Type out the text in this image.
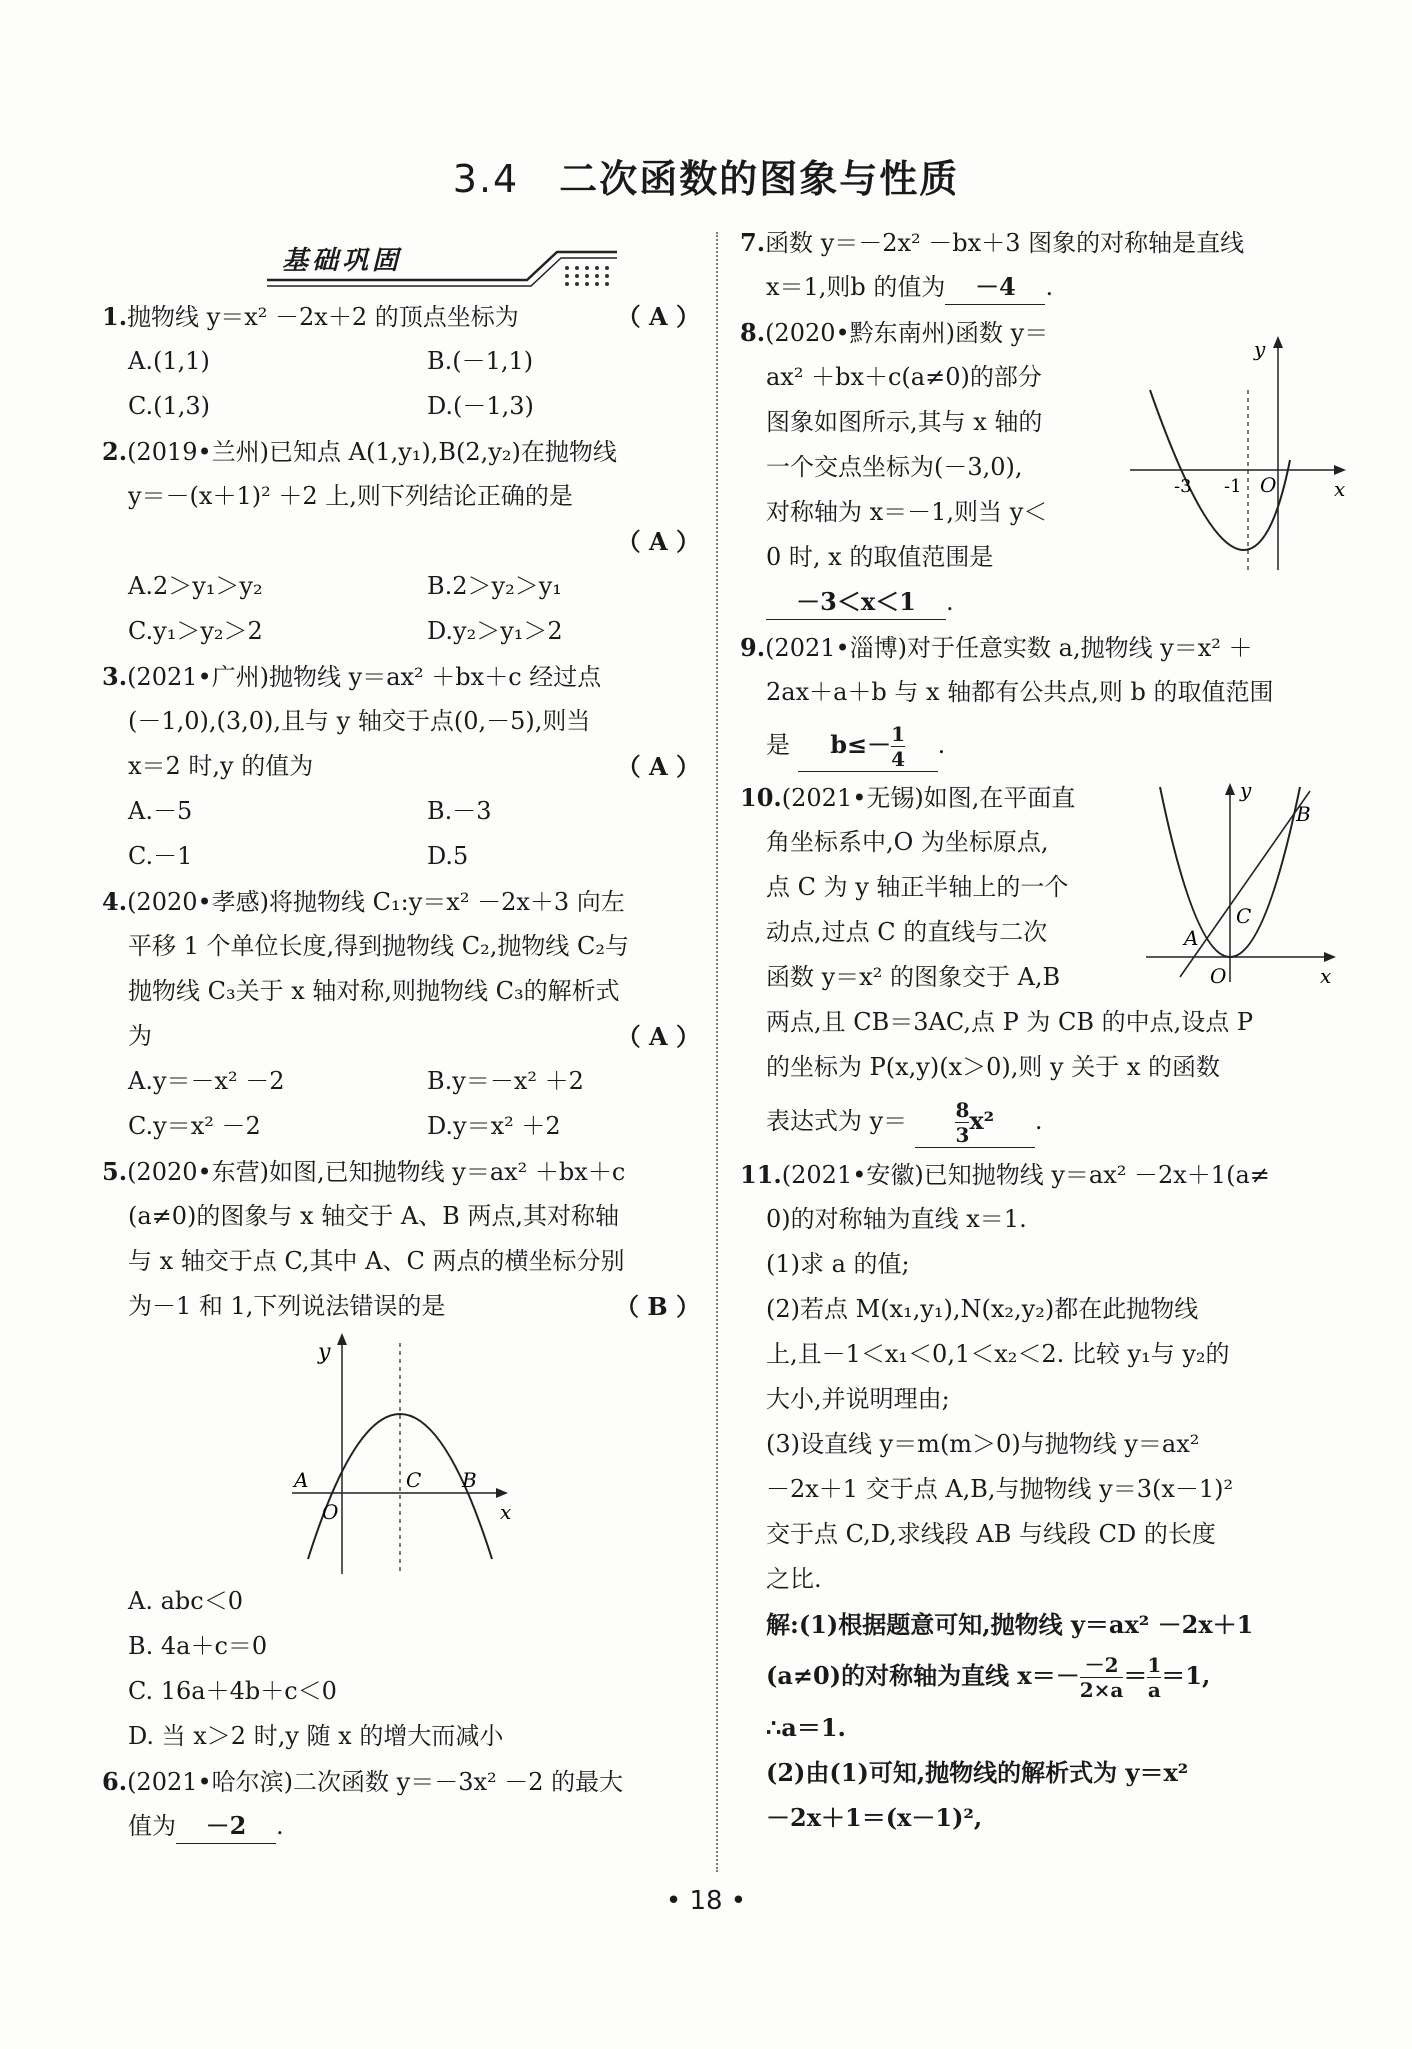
3.4 二次函数的图象与性质
基础巩固
1.抛物线 y＝x² －2x＋2 的顶点坐标为	（ A ）
A.(1,1)	B.(－1,1)
C.(1,3)	D.(－1,3)
2.(2019•兰州)已知点 A(1,y₁),B(2,y₂)在抛物线
y＝－(x＋1)² ＋2 上,则下列结论正确的是
（ A ）
A.2＞y₁＞y₂	B.2＞y₂＞y₁
C.y₁＞y₂＞2	D.y₂＞y₁＞2
3.(2021•广州)抛物线 y＝ax² ＋bx＋c 经过点
(－1,0),(3,0),且与 y 轴交于点(0,－5),则当
x＝2 时,y 的值为	（ A ）
A.－5	B.－3
C.－1	D.5
4.(2020•孝感)将抛物线 C₁:y＝x² －2x＋3 向左
平移 1 个单位长度,得到抛物线 C₂,抛物线 C₂与
抛物线 C₃关于 x 轴对称,则抛物线 C₃的解析式
为	（ A ）
A.y＝－x² －2	B.y＝－x² ＋2
C.y＝x² －2	D.y＝x² ＋2
5.(2020•东营)如图,已知抛物线 y＝ax² ＋bx＋c
(a≠0)的图象与 x 轴交于 A、B 两点,其对称轴
与 x 轴交于点 C,其中 A、C 两点的横坐标分别
为－1 和 1,下列说法错误的是	（ B ）
y
x
O
A	C B
A. abc＜0
B. 4a＋c＝0
C. 16a＋4b＋c＜0
D. 当 x＞2 时,y 随 x 的增大而减小
6.(2021•哈尔滨)二次函数 y＝－3x² －2 的最大
值为 －2 .
7.函数 y＝－2x² －bx＋3 图象的对称轴是直线
x＝1,则b 的值为 －4 .
8.(2020•黔东南州)函数 y＝
ax² ＋bx＋c(a≠0)的部分
图象如图所示,其与 x 轴的
一个交点坐标为(－3,0),
对称轴为 x＝－1,则当 y＜
0 时, x 的取值范围是
－3＜x＜1 .
y
x
O
-3 -1
9.(2021•淄博)对于任意实数 a,抛物线 y＝x² ＋
2ax＋a＋b 与 x 轴都有公共点,则 b 的取值范围
是 $b\le- \frac{1}{4}$ .
10.(2021•无锡)如图,在平面直
角坐标系中,O 为坐标原点,
点 C 为 y 轴正半轴上的一个
动点,过点 C 的直线与二次
函数 y＝x² 的图象交于 A,B
两点,且 CB＝3AC,点 P 为 CB 的中点,设点 P
的坐标为 P(x,y)(x＞0),则 y 关于 x 的函数
表达式为 $y= \frac{8}{3} x^2$ .
y
x
O
A
B
C
11.(2021•安徽)已知抛物线 y＝ax² －2x＋1(a≠
0)的对称轴为直线 x＝1.
(1)求 a 的值;
(2)若点 M(x₁,y₁),N(x₂,y₂)都在此抛物线
上,且－1＜x₁＜0,1＜x₂＜2. 比较 y₁与 y₂的
大小,并说明理由;
(3)设直线 y＝m(m＞0)与抛物线 y＝ax²
－2x＋1 交于点 A,B,与抛物线 y＝3(x－1)²
交于点 C,D,求线段 AB 与线段 CD 的长度
之比.
解:(1)根据题意可知,抛物线 y＝ax² －2x＋1
(a≠0)的对称轴为直线 $x=- \frac{-2}{2\times a} = \frac{1}{a} =1$,
∴a＝1.
(2)由(1)可知,抛物线的解析式为 y＝x²
－2x＋1＝(x－1)²,
• 18 •
